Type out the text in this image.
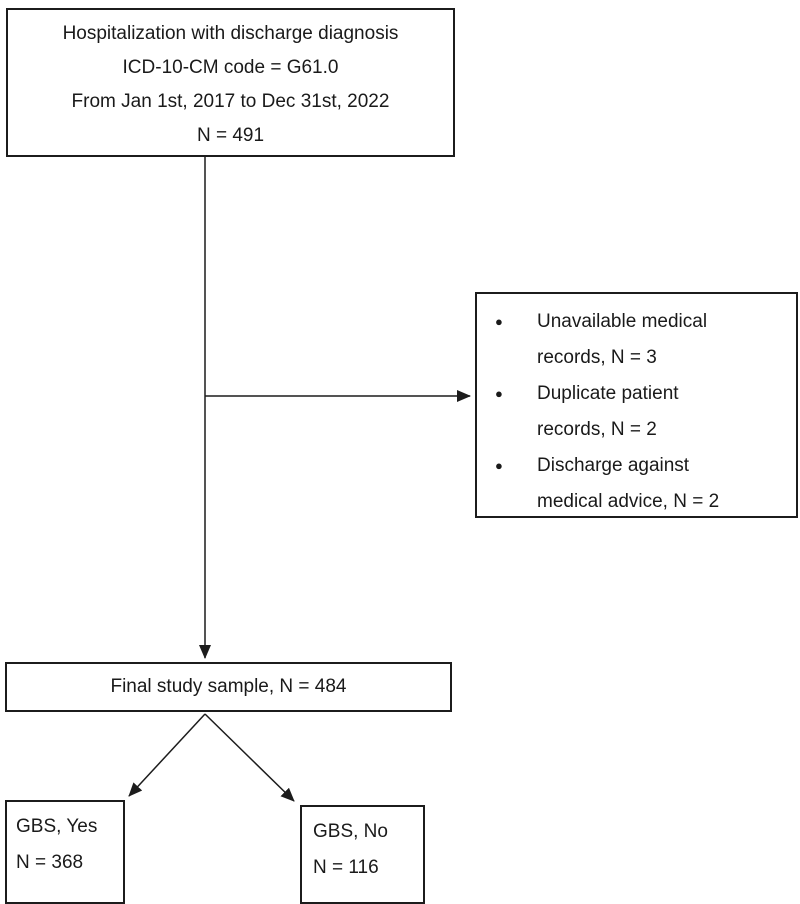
Hospitalization with discharge diagnosis
ICD-10-CM code = G61.0
From Jan 1st, 2017 to Dec 31st, 2022
N = 491
●	Unavailable medical records, N = 3
●	Duplicate patient records, N = 2
●	Discharge against medical advice, N = 2
Final study sample, N = 484
GBS, Yes
N = 368
GBS, No
N = 116
